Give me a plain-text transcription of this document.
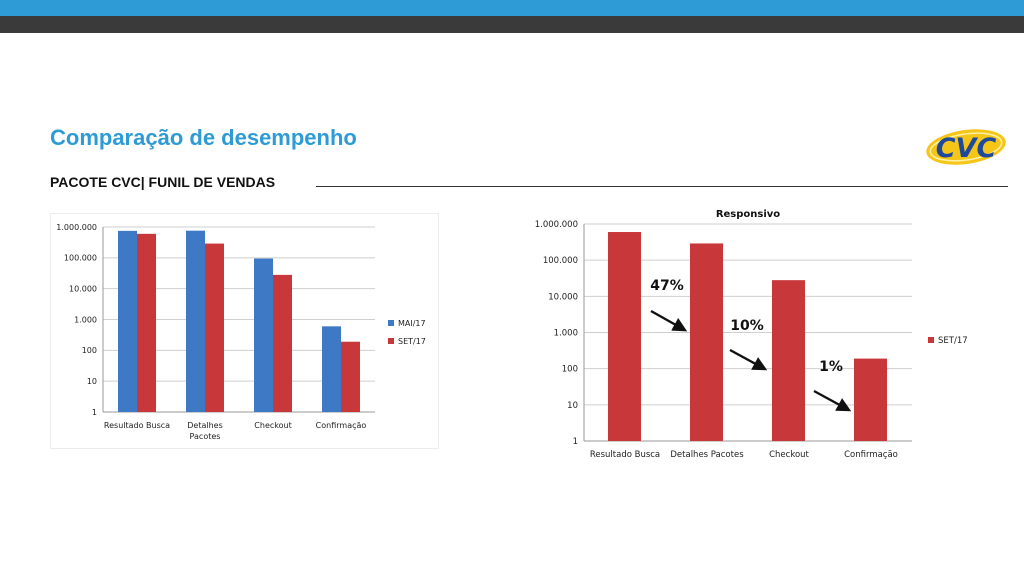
Comparação de desempenho
PACOTE CVC| FUNIL DE VENDAS
CVC
1.000.000
100.000
10.000
1.000
100
10
1
Resultado Busca Detalhes
Pacotes
Checkout	Confirmação
MAI/17
SET/17
Responsivo
1.000.000
100.000
10.000
1.000
100
10
1
Resultado Busca Detalhes Pacotes	Checkout	Confirmação
SET/17
47%
10%
1%
